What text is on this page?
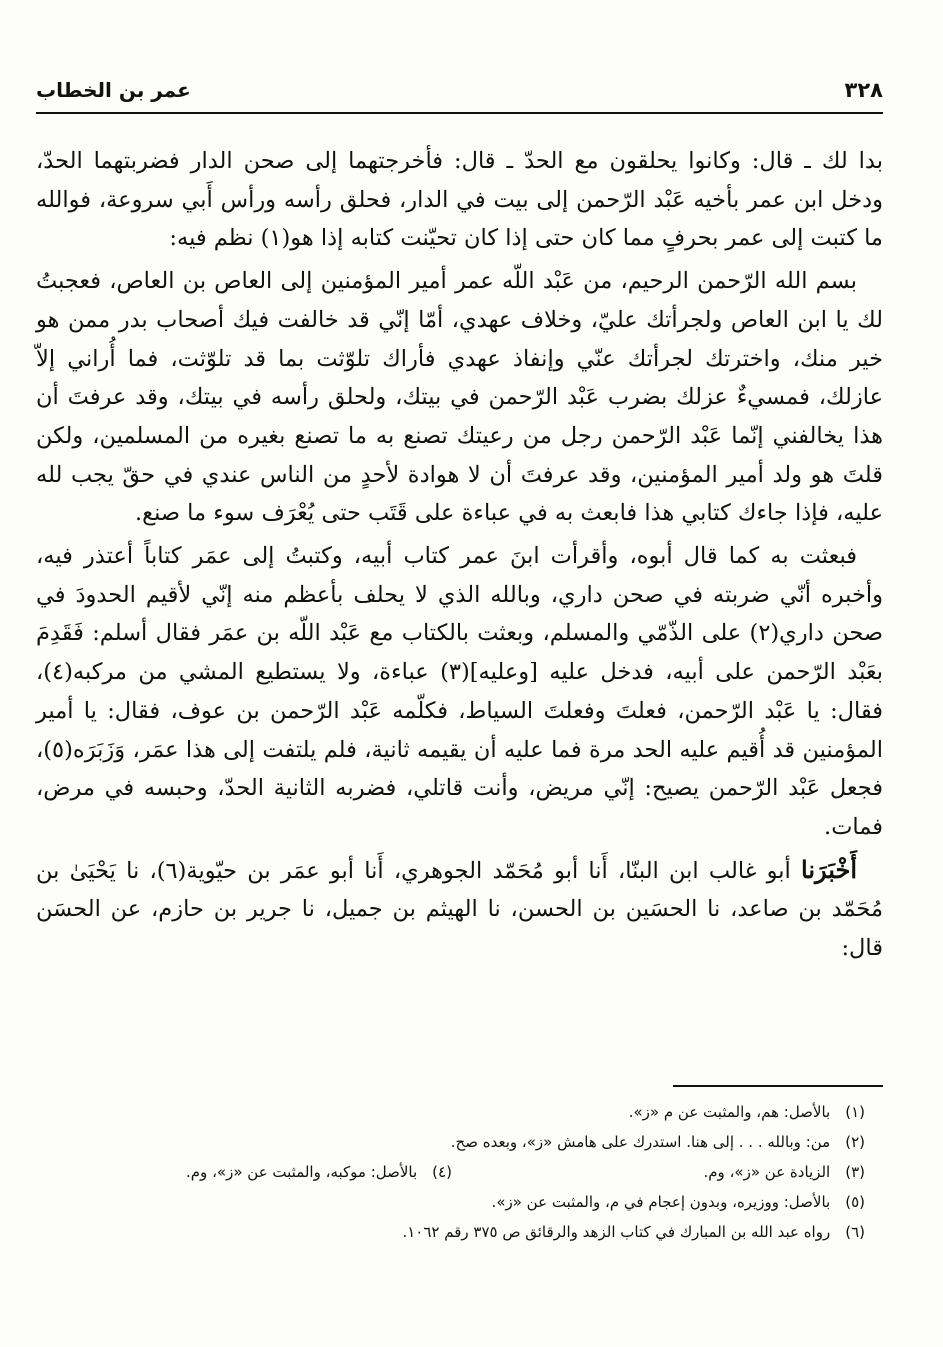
٣٢٨
عمر بن الخطاب

بدا لك ـ قال: وكانوا يحلقون مع الحدّ ـ قال: فأخرجتهما إلى صحن الدار فضربتهما الحدّ، ودخل ابن عمر بأخيه عَبْد الرّحمن إلى بيت في الدار، فحلق رأسه ورأس أَبي سروعة، فوالله ما كتبت إلى عمر بحرفٍ مما كان حتى إذا كان تحيّنت كتابه إذا هو(١) نظم فيه:

بسم الله الرّحمن الرحيم، من عَبْد اللّه عمر أمير المؤمنين إلى العاص بن العاص، فعجبتُ لك يا ابن العاص ولجرأتك عليّ، وخلاف عهدي، أمّا إنّي قد خالفت فيك أصحاب بدر ممن هو خير منك، واخترتك لجرأتك عنّي وإنفاذ عهدي فأراك تلوّثت بما قد تلوّثت، فما أُراني إلاّ عازلك، فمسيءٌ عزلك بضرب عَبْد الرّحمن في بيتك، ولحلق رأسه في بيتك، وقد عرفتَ أن هذا يخالفني إنّما عَبْد الرّحمن رجل من رعيتك تصنع به ما تصنع بغيره من المسلمين، ولكن قلتَ هو ولد أمير المؤمنين، وقد عرفتَ أن لا هوادة لأحدٍ من الناس عندي في حقّ يجب لله عليه، فإذا جاءك كتابي هذا فابعث به في عباءة على قَتَب حتى يُعْرَف سوء ما صنع.

فبعثت به كما قال أبوه، وأقرأت ابنَ عمر كتاب أبيه، وكتبتُ إلى عمَر كتاباً أعتذر فيه، وأخبره أنّي ضربته في صحن داري، وبالله الذي لا يحلف بأعظم منه إنّي لأقيم الحدودَ في صحن داري(٢) على الذّمّي والمسلم، وبعثت بالكتاب مع عَبْد اللّه بن عمَر فقال أسلم: فَقَدِمَ بعَبْد الرّحمن على أبيه، فدخل عليه [وعليه](٣) عباءة، ولا يستطيع المشي من مركبه(٤)، فقال: يا عَبْد الرّحمن، فعلتَ وفعلتَ السياط، فكلّمه عَبْد الرّحمن بن عوف، فقال: يا أمير المؤمنين قد أُقيم عليه الحد مرة فما عليه أن يقيمه ثانية، فلم يلتفت إلى هذا عمَر، وَزَبَرَه(٥)، فجعل عَبْد الرّحمن يصيح: إنّي مريض، وأنت قاتلي، فضربه الثانية الحدّ، وحبسه في مرض، فمات.

أَخْبَرَنا أبو غالب ابن البنّا، أَنا أبو مُحَمّد الجوهري، أَنا أبو عمَر بن حيّوية(٦)، نا يَحْيَىٰ بن مُحَمّد بن صاعد، نا الحسَين بن الحسن، نا الهيثم بن جميل، نا جرير بن حازم، عن الحسَن قال:

(١) بالأصل: هم، والمثبت عن م «ز».
(٢) من: وبالله . . . إلى هنا. استدرك على هامش «ز»، وبعده صح.
(٣) الزيادة عن «ز»، وم.
(٤) بالأصل: موكبه، والمثبت عن «ز»، وم.
(٥) بالأصل: ووزيره، وبدون إعجام في م، والمثبت عن «ز».
(٦) رواه عبد الله بن المبارك في كتاب الزهد والرقائق ص ٣٧٥ رقم ١٠٦٢.
